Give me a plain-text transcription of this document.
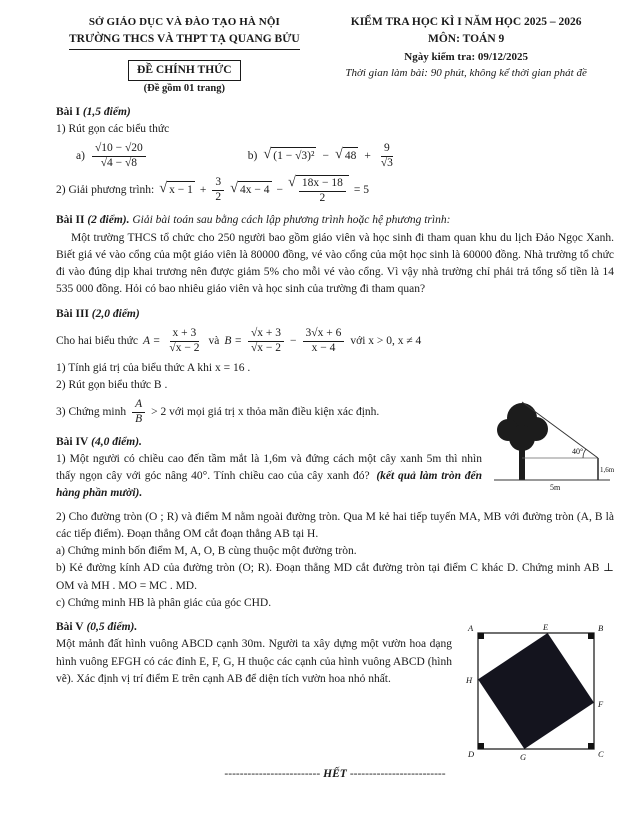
SỞ GIÁO DỤC VÀ ĐÀO TẠO HÀ NỘI

TRƯỜNG THCS VÀ THPT TẠ QUANG BỬU

ĐỀ CHÍNH THỨC

(Đề gồm 01 trang)

KIỂM TRA HỌC KÌ I NĂM HỌC 2025 – 2026

MÔN: TOÁN 9

Ngày kiểm tra: 09/12/2025

Thời gian làm bài: 90 phút, không kể thời gian phát đề

Bài I (1,5 điểm)

1) Rút gọn các biểu thức

$a) \frac{√10 - √20}{√4 - √8}$	b) √ (1 − √3)² − √ $48 + \frac{9}{√3}$
2) Giải phương trình: √ $x - 1 + \frac{3}{2}$ √ 4x − 4 − √ $\frac{18x - 18}{2} = 5$

Bài II (2 điểm). Giải bài toán sau bằng cách lập phương trình hoặc hệ phương trình:

Một trường THCS tổ chức cho 250 người bao gồm giáo viên và học sinh đi tham quan khu du lịch Đảo Ngọc Xanh. Biết giá vé vào cổng của một giáo viên là 80000 đồng, vé vào cổng của một học sinh là 60000 đồng. Nhà trường tổ chức đi vào đúng dịp khai trương nên được giảm 5% cho mỗi vé vào cổng. Vì vậy nhà trường chỉ phải trả tổng số tiền là 14 535 000 đồng. Hỏi có bao nhiêu giáo viên và học sinh của trường đi tham quan?

Bài III (2,0 điểm)

Cho hai biểu thức $A = \frac{x + 3}{√x - 2}$ và $B = \frac{√x + 3}{√x - 2} - \frac{3√x + 6}{x - 4}$ với x > 0, x ≠ 4

1) Tính giá trị của biểu thức A khi x = 16 .

2) Rút gọn biểu thức B .

40°
5m
1,6m
3) Chứng minh $\frac{A}{B} > 2$ với mọi giá trị x thỏa mãn điều kiện xác định.

Bài IV (4,0 điểm).

1) Một người có chiều cao đến tầm mắt là 1,6m và đứng cách một cây xanh 5m thì nhìn thấy ngọn cây với góc nâng 40°. Tính chiều cao của cây xanh đó? (kết quả làm tròn đến hàng phần mười).

2) Cho đường tròn (O ; R) và điểm M nằm ngoài đường tròn. Qua M kẻ hai tiếp tuyến MA, MB với đường tròn (A, B là các tiếp điểm). Đoạn thẳng OM cắt đoạn thẳng AB tại H.

a) Chứng minh bốn điểm M, A, O, B cùng thuộc một đường tròn.

b) Kẻ đường kính AD của đường tròn (O; R). Đoạn thẳng MD cắt đường tròn tại điểm C khác D. Chứng minh AB ⊥ OM và MH . MO = MC . MD.

c) Chứng minh HB là phân giác của góc CHD.

A	E	B
F
C
G
D
H

Bài V (0,5 điểm).

Một mảnh đất hình vuông ABCD cạnh 30m. Người ta xây dựng một vườn hoa dạng hình vuông EFGH có các đỉnh E, F, G, H thuộc các cạnh của hình vuông ABCD (hình vẽ). Xác định vị trí điểm E trên cạnh AB để diện tích vườn hoa nhỏ nhất.

------------------------- HẾT -------------------------
